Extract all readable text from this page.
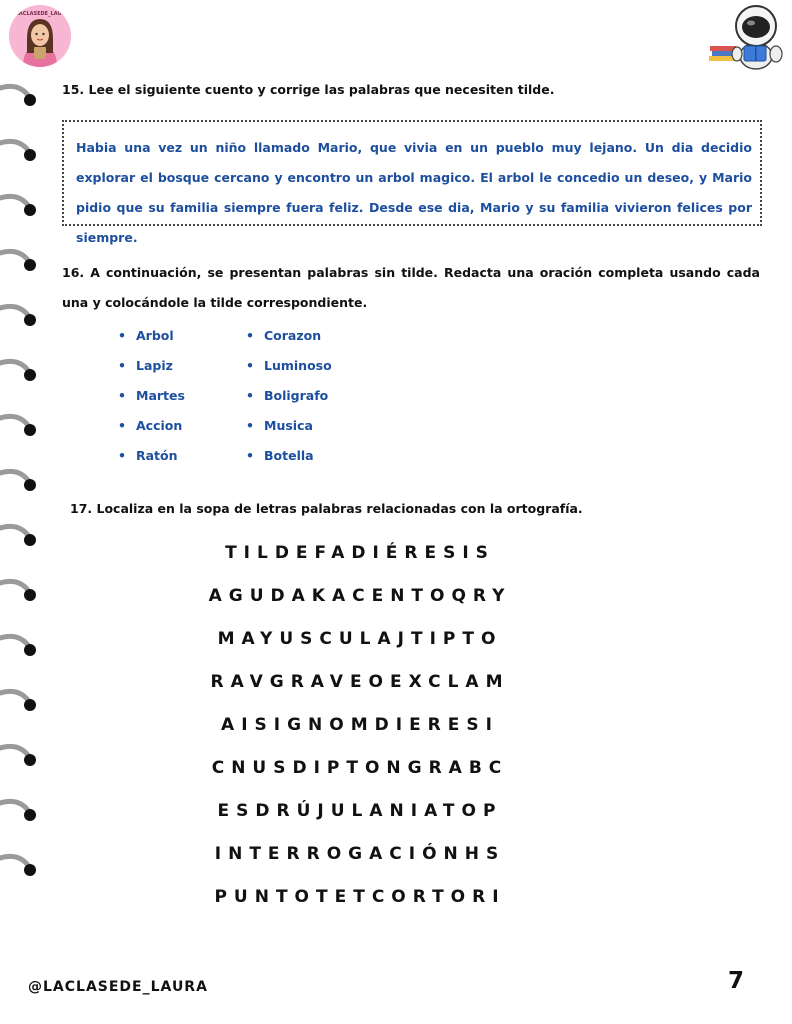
@LACLASEDE_LAURA
15. Lee el siguiente cuento y corrige las palabras que necesiten tilde.
Habia una vez un niño llamado Mario, que vivia en un pueblo muy lejano. Un dia decidio explorar el bosque cercano y encontro un arbol magico. El arbol le concedio un deseo, y Mario pidio que su familia siempre fuera feliz. Desde ese dia, Mario y su familia vivieron felices por siempre.
16. A continuación, se presentan palabras sin tilde. Redacta una oración completa usando cada una y colocándole la tilde correspondiente.
• Arbol
• Lapiz
• Martes
• Accion
• Ratón
• Corazon
• Luminoso
• Boligrafo
• Musica
• Botella
17. Localiza en la sopa de letras palabras relacionadas con la ortografía.
TILDEFADIÉRESIS
AGUDAKACENTOQRY
MAYUSCULAJTIPTO
RAVGRAVEOEXCLAM
AISIGNOMDIERESI
CNUSDIPTONGRABC
ESDRÚJULANIATOP
INTERROGACIÓNHS
PUNTOTETCORTORI
@LACLASEDE_LAURA	7
